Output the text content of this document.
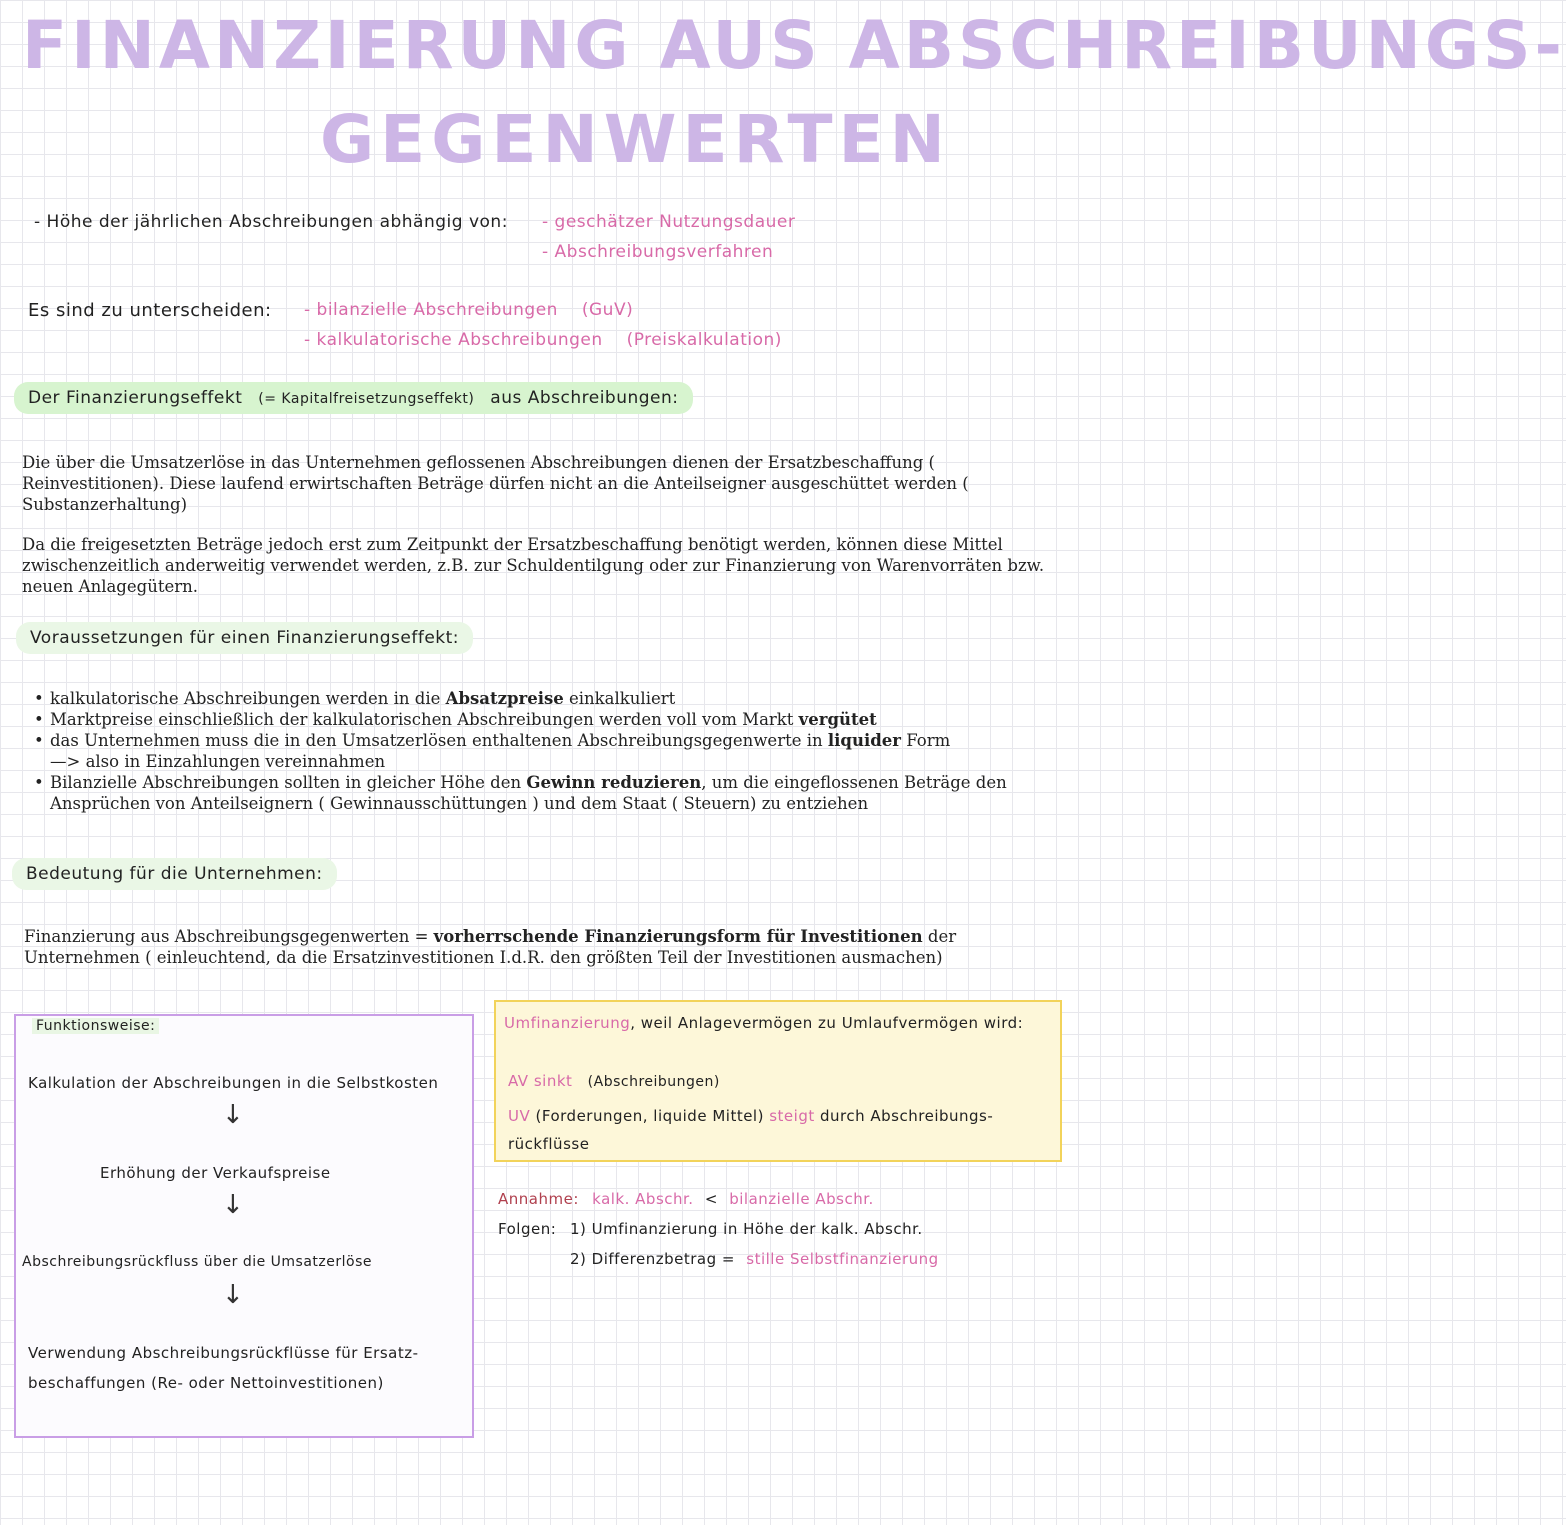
FINANZIERUNG AUS ABSCHREIBUNGS-
GEGENWERTEN
- Höhe der jährlichen Abschreibungen abhängig von: - geschätzer Nutzungsdauer
- Abschreibungsverfahren
Es sind zu unterscheiden: - bilanzielle Abschreibungen (GuV)
- kalkulatorische Abschreibungen (Preiskalkulation)
Der Finanzierungseffekt (= Kapitalfreisetzungseffekt) aus Abschreibungen:
Die über die Umsatzerlöse in das Unternehmen geflossenen Abschreibungen dienen der Ersatzbeschaffung ( Reinvestitionen). Diese laufend erwirtschaften Beträge dürfen nicht an die Anteilseigner ausgeschüttet werden ( Substanzerhaltung)
Da die freigesetzten Beträge jedoch erst zum Zeitpunkt der Ersatzbeschaffung benötigt werden, können diese Mittel zwischenzeitlich anderweitig verwendet werden, z.B. zur Schuldentilgung oder zur Finanzierung von Warenvorräten bzw. neuen Anlagegütern.
Voraussetzungen für einen Finanzierungseffekt:
• kalkulatorische Abschreibungen werden in die Absatzpreise einkalkuliert
• Marktpreise einschließlich der kalkulatorischen Abschreibungen werden voll vom Markt vergütet
• das Unternehmen muss die in den Umsatzerlösen enthaltenen Abschreibungsgegenwerte in liquider Form
—> also in Einzahlungen vereinnahmen
• Bilanzielle Abschreibungen sollten in gleicher Höhe den Gewinn reduzieren, um die eingeflossenen Beträge den Ansprüchen von Anteilseignern ( Gewinnausschüttungen ) und dem Staat ( Steuern) zu entziehen
Bedeutung für die Unternehmen:
Finanzierung aus Abschreibungsgegenwerten = vorherrschende Finanzierungsform für Investitionen der Unternehmen ( einleuchtend, da die Ersatzinvestitionen I.d.R. den größten Teil der Investitionen ausmachen)
Funktionsweise:
Kalkulation der Abschreibungen in die Selbstkosten
↓
Erhöhung der Verkaufspreise
↓
Abschreibungsrückfluss über die Umsatzerlöse
↓
Verwendung Abschreibungsrückflüsse für Ersatz- beschaffungen (Re- oder Nettoinvestitionen)
Umfinanzierung, weil Anlagevermögen zu Umlaufvermögen wird:
AV sinkt (Abschreibungen)
UV (Forderungen, liquide Mittel) steigt durch Abschreibungs- rückflüsse
Annahme: kalk. Abschr. < bilanzielle Abschr.
Folgen: 1) Umfinanzierung in Höhe der kalk. Abschr.
2) Differenzbetrag = stille Selbstfinanzierung
